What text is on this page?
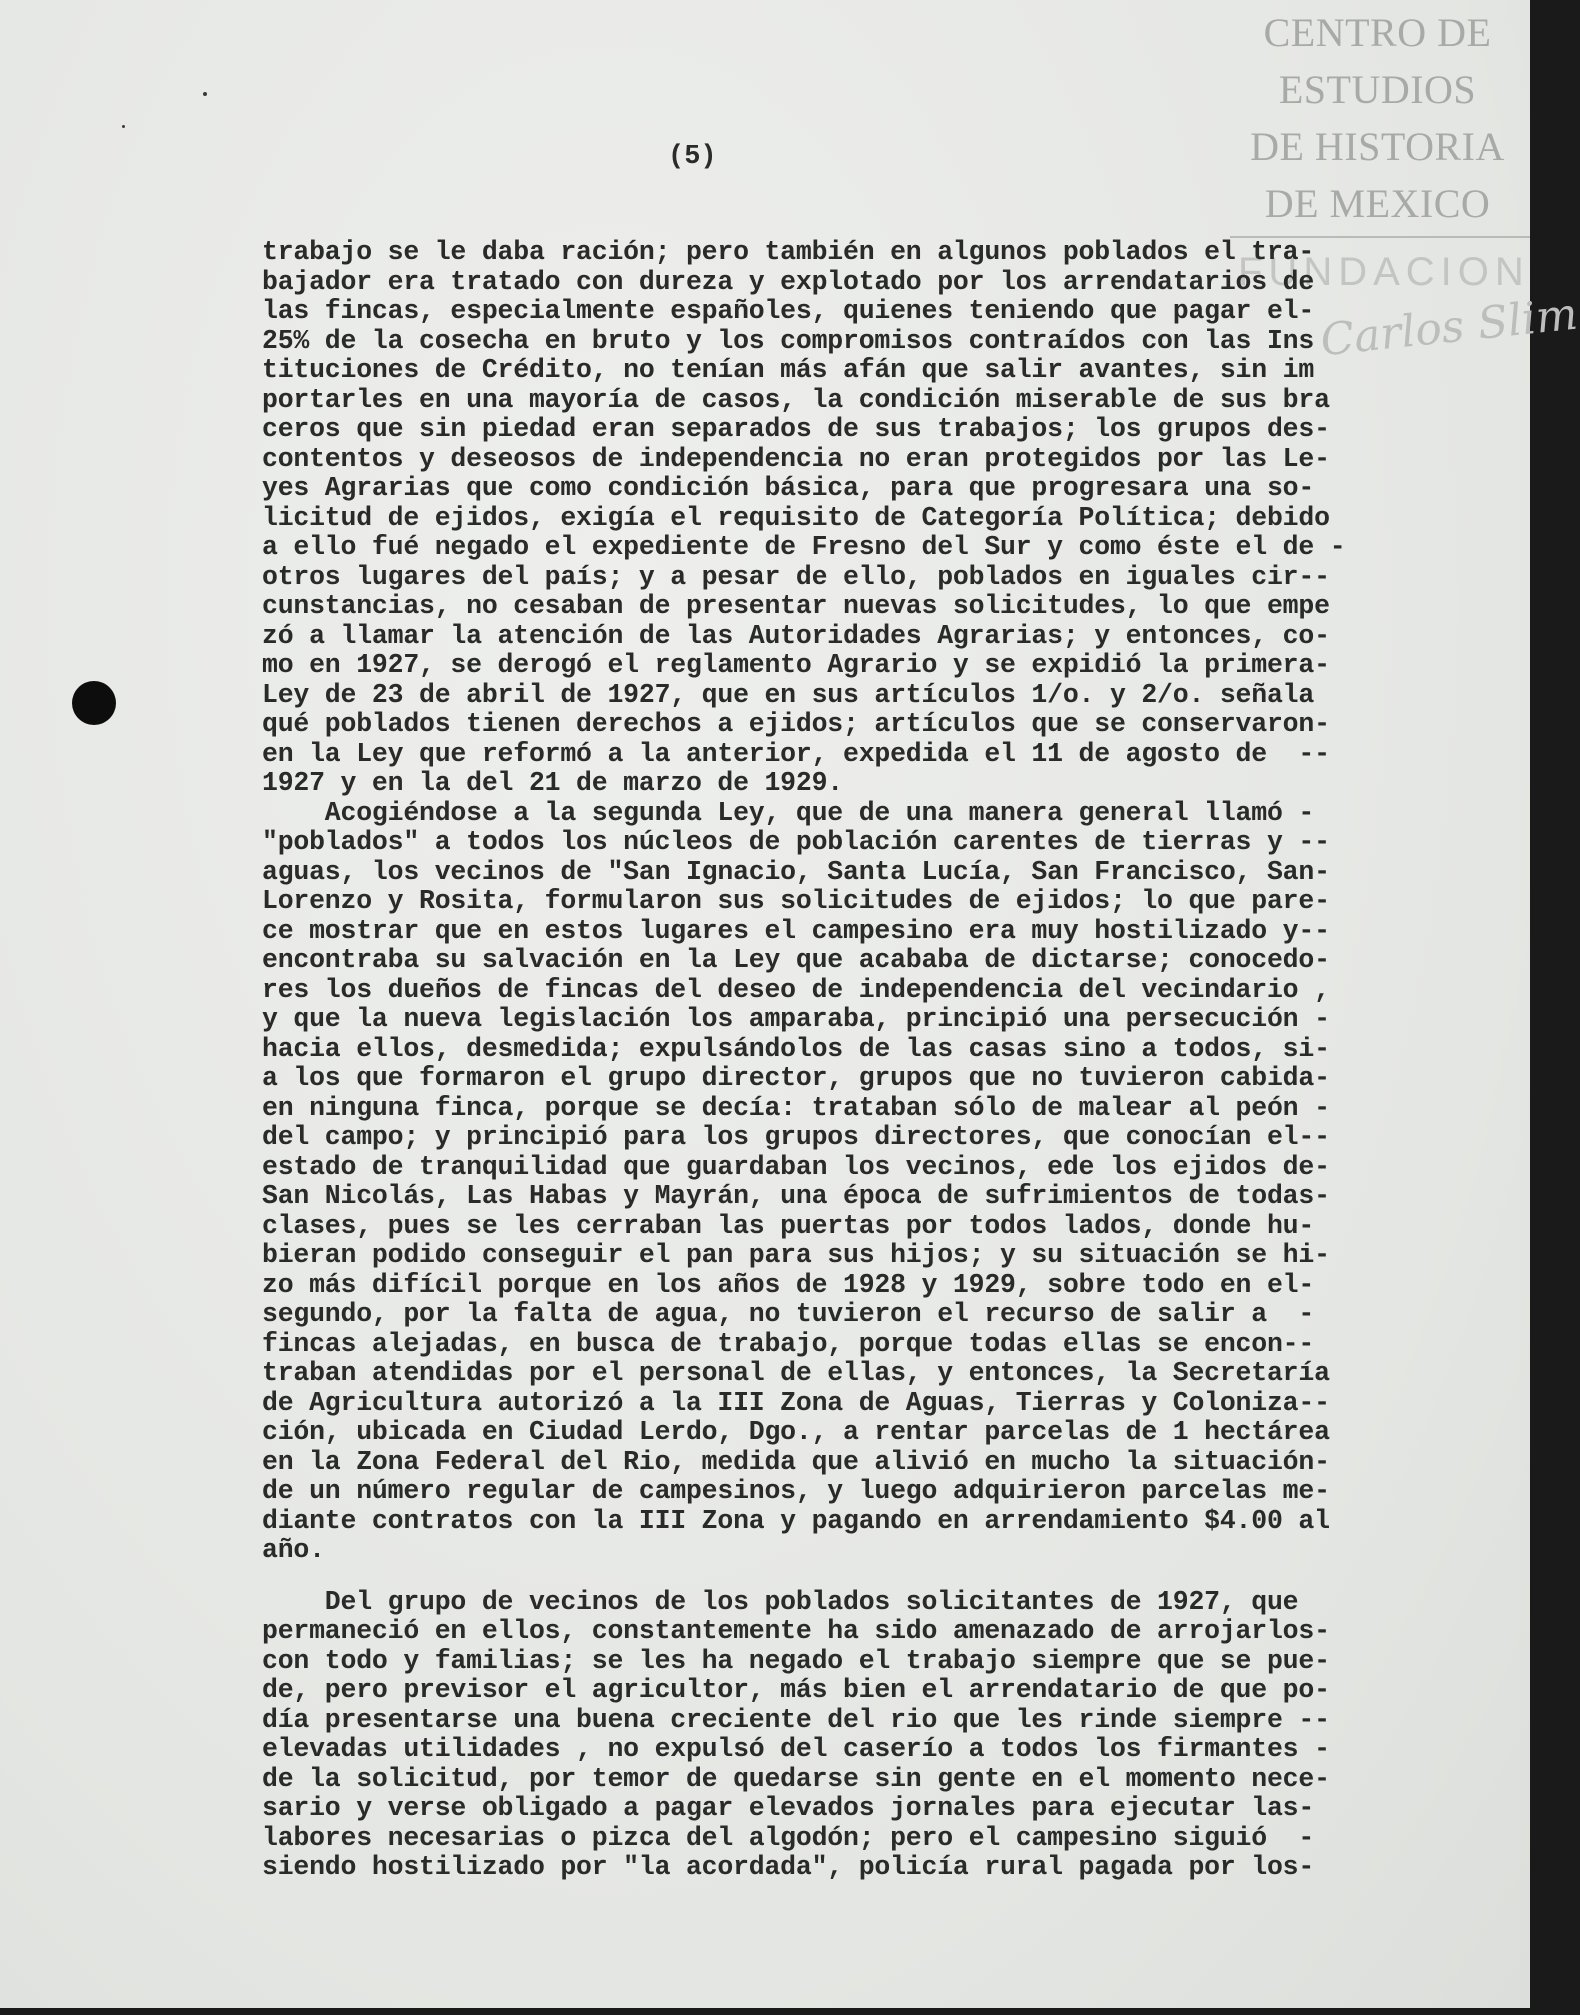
CENTRO DE
ESTUDIOS
DE HISTORIA
DE MEXICO
FUNDACION
Carlos Slim
(5)
trabajo se le daba ración; pero también en algunos poblados el tra-
bajador era tratado con dureza y explotado por los arrendatarios de
las fincas, especialmente españoles, quienes teniendo que pagar el-
25% de la cosecha en bruto y los compromisos contraídos con las Ins
tituciones de Crédito, no tenían más afán que salir avantes, sin im
portarles en una mayoría de casos, la condición miserable de sus bra
ceros que sin piedad eran separados de sus trabajos; los grupos des-
contentos y deseosos de independencia no eran protegidos por las Le-
yes Agrarias que como condición básica, para que progresara una so-
licitud de ejidos, exigía el requisito de Categoría Política; debido
a ello fué negado el expediente de Fresno del Sur y como éste el de -
otros lugares del país; y a pesar de ello, poblados en iguales cir--
cunstancias, no cesaban de presentar nuevas solicitudes, lo que empe
zó a llamar la atención de las Autoridades Agrarias; y entonces, co-
mo en 1927, se derogó el reglamento Agrario y se expidió la primera-
Ley de 23 de abril de 1927, que en sus artículos 1/o. y 2/o. señala
qué poblados tienen derechos a ejidos; artículos que se conservaron-
en la Ley que reformó a la anterior, expedida el 11 de agosto de  --
1927 y en la del 21 de marzo de 1929.
Acogiéndose a la segunda Ley, que de una manera general llamó -
"poblados" a todos los núcleos de población carentes de tierras y --
aguas, los vecinos de "San Ignacio, Santa Lucía, San Francisco, San-
Lorenzo y Rosita, formularon sus solicitudes de ejidos; lo que pare-
ce mostrar que en estos lugares el campesino era muy hostilizado y--
encontraba su salvación en la Ley que acababa de dictarse; conocedo-
res los dueños de fincas del deseo de independencia del vecindario ,
y que la nueva legislación los amparaba, principió una persecución -
hacia ellos, desmedida; expulsándolos de las casas sino a todos, si-
a los que formaron el grupo director, grupos que no tuvieron cabida-
en ninguna finca, porque se decía: trataban sólo de malear al peón -
del campo; y principió para los grupos directores, que conocían el--
estado de tranquilidad que guardaban los vecinos, ede los ejidos de-
San Nicolás, Las Habas y Mayrán, una época de sufrimientos de todas-
clases, pues se les cerraban las puertas por todos lados, donde hu-
bieran podido conseguir el pan para sus hijos; y su situación se hi-
zo más difícil porque en los años de 1928 y 1929, sobre todo en el-
segundo, por la falta de agua, no tuvieron el recurso de salir a  -
fincas alejadas, en busca de trabajo, porque todas ellas se encon--
traban atendidas por el personal de ellas, y entonces, la Secretaría
de Agricultura autorizó a la III Zona de Aguas, Tierras y Coloniza--
ción, ubicada en Ciudad Lerdo, Dgo., a rentar parcelas de 1 hectárea
en la Zona Federal del Rio, medida que alivió en mucho la situación-
de un número regular de campesinos, y luego adquirieron parcelas me-
diante contratos con la III Zona y pagando en arrendamiento $4.00 al
año.
Del grupo de vecinos de los poblados solicitantes de 1927, que
permaneció en ellos, constantemente ha sido amenazado de arrojarlos-
con todo y familias; se les ha negado el trabajo siempre que se pue-
de, pero previsor el agricultor, más bien el arrendatario de que po-
día presentarse una buena creciente del rio que les rinde siempre --
elevadas utilidades , no expulsó del caserío a todos los firmantes -
de la solicitud, por temor de quedarse sin gente en el momento nece-
sario y verse obligado a pagar elevados jornales para ejecutar las-
labores necesarias o pizca del algodón; pero el campesino siguió  -
siendo hostilizado por "la acordada", policía rural pagada por los-
